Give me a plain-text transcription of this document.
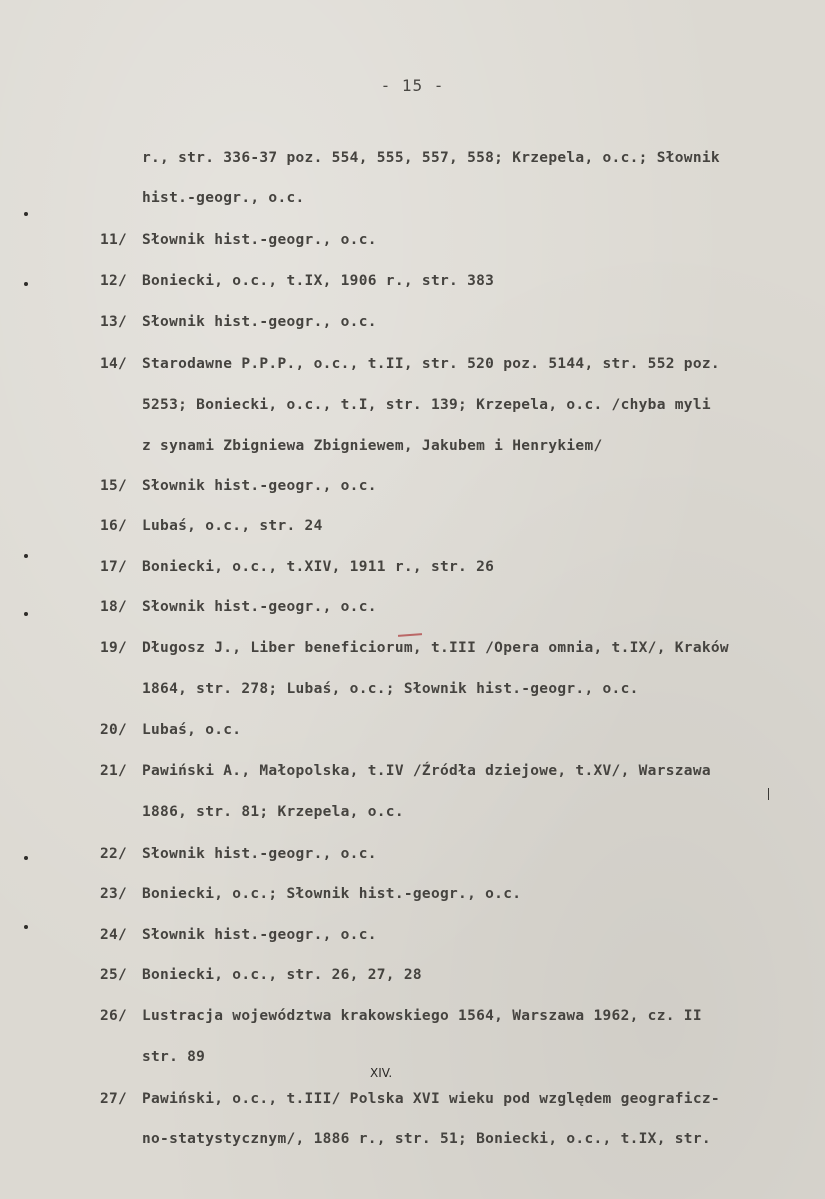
- 15 -
r., str. 336-37 poz. 554, 555, 557, 558; Krzepela, o.c.; Słownik
hist.-geogr., o.c.
11/ Słownik hist.-geogr., o.c.
12/ Boniecki, o.c., t.IX, 1906 r., str. 383
13/ Słownik hist.-geogr., o.c.
14/ Starodawne P.P.P., o.c., t.II, str. 520 poz. 5144, str. 552 poz.
5253; Boniecki, o.c., t.I, str. 139; Krzepela, o.c. /chyba myli
z synami Zbigniewa Zbigniewem, Jakubem i Henrykiem/
15/ Słownik hist.-geogr., o.c.
16/ Lubaś, o.c., str. 24
17/ Boniecki, o.c., t.XIV, 1911 r., str. 26
18/ Słownik hist.-geogr., o.c.
19/ Długosz J., Liber beneficiorum, t.III /Opera omnia, t.IX/, Kraków
1864, str. 278; Lubaś, o.c.; Słownik hist.-geogr., o.c.
20/ Lubaś, o.c.
21/ Pawiński A., Małopolska, t.IV /Źródła dziejowe, t.XV/, Warszawa
1886, str. 81; Krzepela, o.c.
22/ Słownik hist.-geogr., o.c.
23/ Boniecki, o.c.; Słownik hist.-geogr., o.c.
24/ Słownik hist.-geogr., o.c.
25/ Boniecki, o.c., str. 26, 27, 28
26/ Lustracja województwa krakowskiego 1564, Warszawa 1962, cz. II
str. 89
27/ Pawiński, o.c., t.III/ Polska XVI wieku pod względem geograficz-
no-statystycznym/, 1886 r., str. 51; Boniecki, o.c., t.IX, str.
XIV.
